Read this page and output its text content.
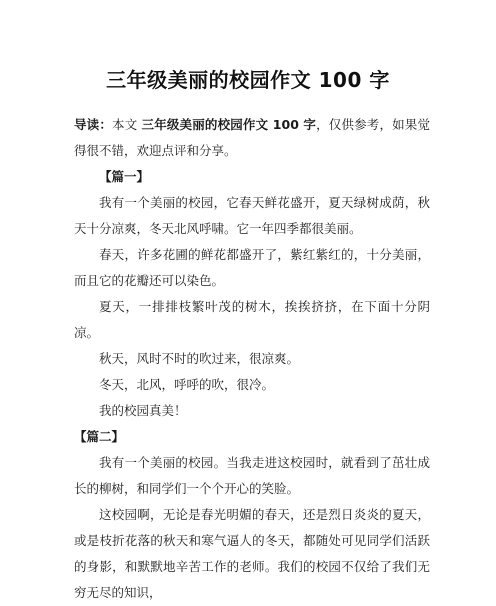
三年级美丽的校园作文 100 字

导读：本文 三年级美丽的校园作文 100 字，仅供参考，如果觉得很不错，欢迎点评和分享。

【篇一】

我有一个美丽的校园，它春天鲜花盛开，夏天绿树成荫，秋天十分凉爽，冬天北风呼啸。它一年四季都很美丽。

春天，许多花圃的鲜花都盛开了，紫红紫红的，十分美丽，而且它的花瓣还可以染色。

夏天，一排排枝繁叶茂的树木，挨挨挤挤，在下面十分阴凉。

秋天，风时不时的吹过来，很凉爽。

冬天，北风，呼呼的吹，很冷。

我的校园真美！

【篇二】

我有一个美丽的校园。当我走进这校园时，就看到了茁壮成长的柳树，和同学们一个个开心的笑脸。

这校园啊，无论是春光明媚的春天，还是烈日炎炎的夏天，或是枝折花落的秋天和寒气逼人的冬天，都随处可见同学们活跃的身影，和默默地辛苦工作的老师。我们的校园不仅给了我们无穷无尽的知识，
